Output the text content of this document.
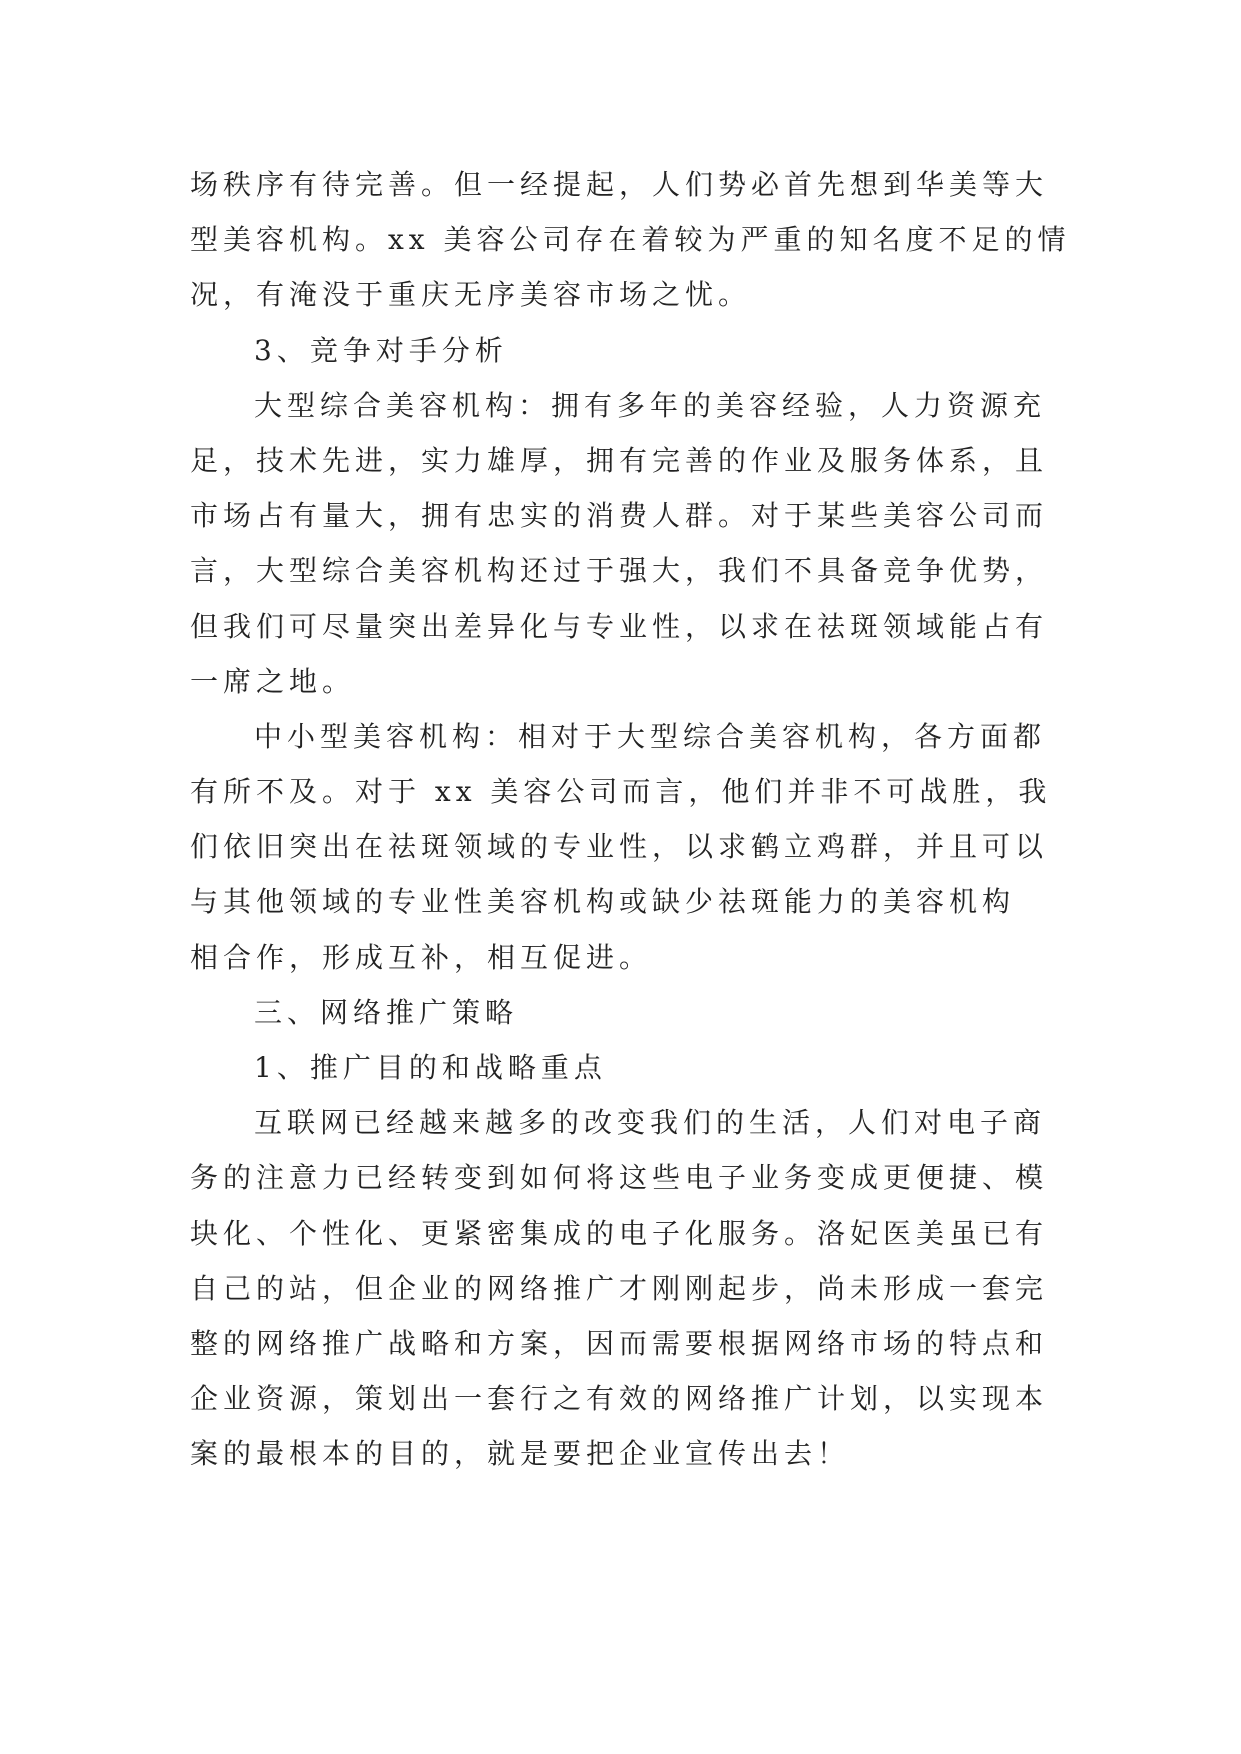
场秩序有待完善。但一经提起，人们势必首先想到华美等大
型美容机构。xx 美容公司存在着较为严重的知名度不足的情
况，有淹没于重庆无序美容市场之忧。
3、竞争对手分析
大型综合美容机构：拥有多年的美容经验，人力资源充
足，技术先进，实力雄厚，拥有完善的作业及服务体系，且
市场占有量大，拥有忠实的消费人群。对于某些美容公司而
言，大型综合美容机构还过于强大，我们不具备竞争优势，
但我们可尽量突出差异化与专业性，以求在祛斑领域能占有
一席之地。
中小型美容机构：相对于大型综合美容机构，各方面都
有所不及。对于 xx 美容公司而言，他们并非不可战胜，我
们依旧突出在祛斑领域的专业性，以求鹤立鸡群，并且可以
与其他领域的专业性美容机构或缺少祛斑能力的美容机构
相合作，形成互补，相互促进。
三、网络推广策略
1、推广目的和战略重点
互联网已经越来越多的改变我们的生活，人们对电子商
务的注意力已经转变到如何将这些电子业务变成更便捷、模
块化、个性化、更紧密集成的电子化服务。洛妃医美虽已有
自己的站，但企业的网络推广才刚刚起步，尚未形成一套完
整的网络推广战略和方案，因而需要根据网络市场的特点和
企业资源，策划出一套行之有效的网络推广计划，以实现本
案的最根本的目的，就是要把企业宣传出去！
